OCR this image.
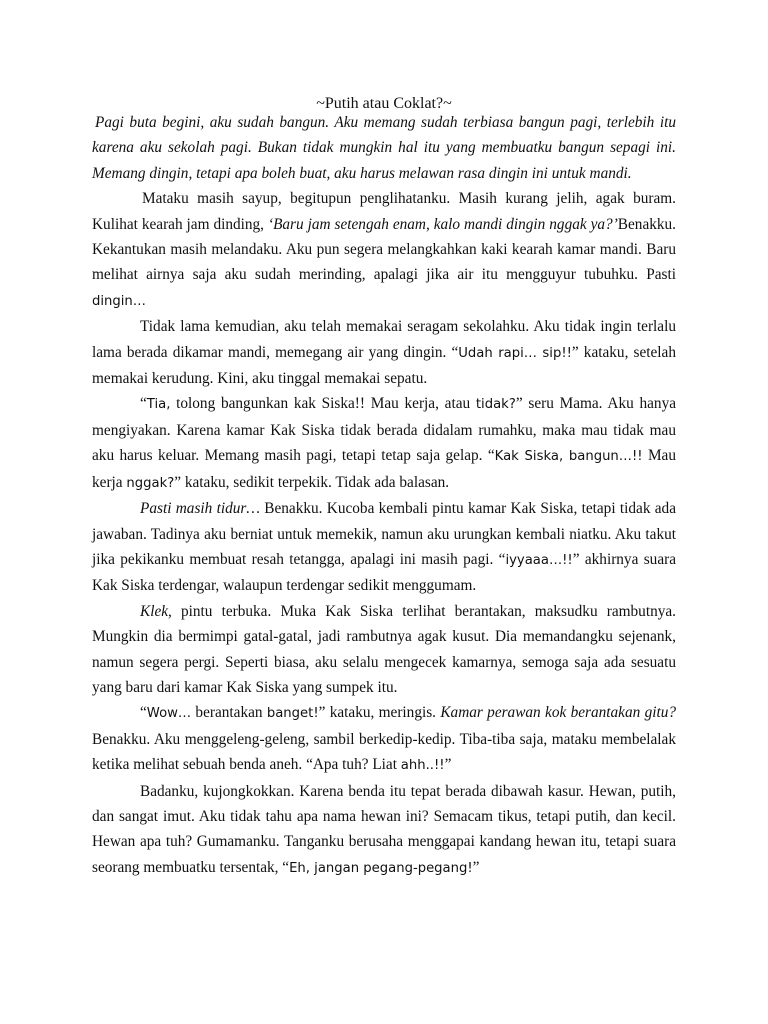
~Putih atau Coklat?~

Pagi buta begini, aku sudah bangun. Aku memang sudah terbiasa bangun pagi, terlebih itu karena aku sekolah pagi. Bukan tidak mungkin hal itu yang membuatku bangun sepagi ini. Memang dingin, tetapi apa boleh buat, aku harus melawan rasa dingin ini untuk mandi.

Mataku masih sayup, begitupun penglihatanku. Masih kurang jelih, agak buram. Kulihat kearah jam dinding, ‘Baru jam setengah enam, kalo mandi dingin nggak ya?’Benakku. Kekantukan masih melandaku. Aku pun segera melangkahkan kaki kearah kamar mandi. Baru melihat airnya saja aku sudah merinding, apalagi jika air itu mengguyur tubuhku. Pasti dingin…

Tidak lama kemudian, aku telah memakai seragam sekolahku. Aku tidak ingin terlalu lama berada dikamar mandi, memegang air yang dingin. “Udah rapi… sip!!” kataku, setelah memakai kerudung. Kini, aku tinggal memakai sepatu.

“Tia, tolong bangunkan kak Siska!! Mau kerja, atau tidak?” seru Mama. Aku hanya mengiyakan. Karena kamar Kak Siska tidak berada didalam rumahku, maka mau tidak mau aku harus keluar. Memang masih pagi, tetapi tetap saja gelap. “Kak Siska, bangun…!! Mau kerja nggak?” kataku, sedikit terpekik. Tidak ada balasan.

Pasti masih tidur… Benakku. Kucoba kembali pintu kamar Kak Siska, tetapi tidak ada jawaban. Tadinya aku berniat untuk memekik, namun aku urungkan kembali niatku. Aku takut jika pekikanku membuat resah tetangga, apalagi ini masih pagi. “iyyaaa…!!” akhirnya suara Kak Siska terdengar, walaupun terdengar sedikit menggumam.

Klek, pintu terbuka. Muka Kak Siska terlihat berantakan, maksudku rambutnya. Mungkin dia bermimpi gatal-gatal, jadi rambutnya agak kusut. Dia memandangku sejenank, namun segera pergi. Seperti biasa, aku selalu mengecek kamarnya, semoga saja ada sesuatu yang baru dari kamar Kak Siska yang sumpek itu.

“Wow… berantakan banget!” kataku, meringis. Kamar perawan kok berantakan gitu?Benakku. Aku menggeleng-geleng, sambil berkedip-kedip. Tiba-tiba saja, mataku membelalak ketika melihat sebuah benda aneh. “Apa tuh? Liat ahh..!!”

Badanku, kujongkokkan. Karena benda itu tepat berada dibawah kasur. Hewan, putih, dan sangat imut. Aku tidak tahu apa nama hewan ini? Semacam tikus, tetapi putih, dan kecil. Hewan apa tuh? Gumamanku. Tanganku berusaha menggapai kandang hewan itu, tetapi suara seorang membuatku tersentak, “Eh, jangan pegang-pegang!”
